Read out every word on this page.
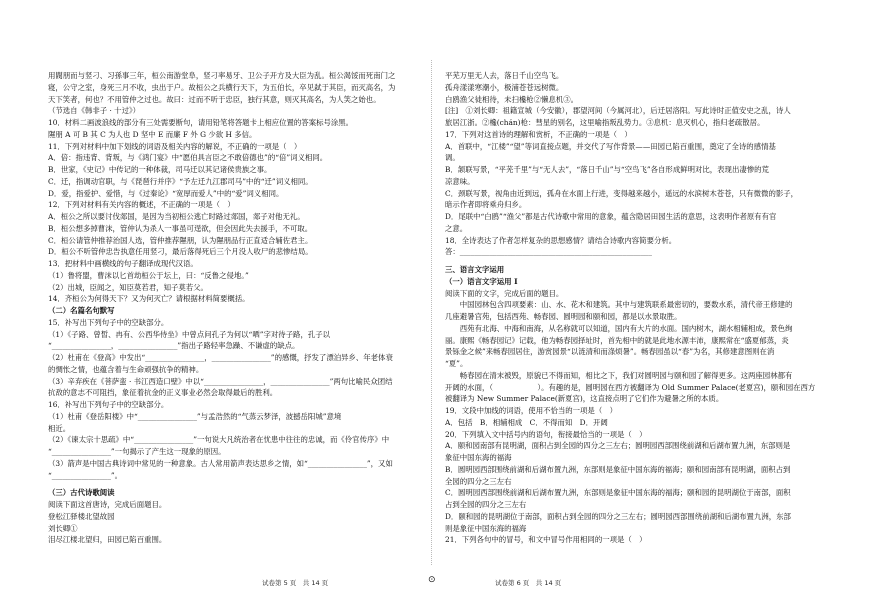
用閥朋而与竖刁、习孫事三年，桓公南游堂阜，竖刁率易牙、卫公子开方及大臣为乱。桓公渴馁而死南门之
寝，公守之室，身死三月不收，虫出于户。故桓公之兵横行天下，为五伯长，卒见弑于其臣，而灭高名，为
天下笑者，何也？不用管仲之过也。故曰：过而不听于忠臣，独行其意，则灭其高名，为人笑之始也。
（节选自《韩非子 · 十过》）
10．材料二画波浪线的部分有三处需要断句，请用铅笔将答题卡上相应位置的答案标号涂黑。
隰朋 A 可 B 其 C 为人也 D 坚中 E 而廉 F 外 G 少欲 H 多信。
11．下列对材料中加下划线的词语及相关内容的解说，不正确的一项是（　）
A．倍：指违背、背叛，与《鸿门宴》中“愿伯具言臣之不敢倍德也”的“倍”词义相同。
B．世家，《史记》中传记的一种体裁，司马迁以其记诸侯贵族之事。
C．迁，指调动官职，与《琵琶行并序》“予左迁九江郡司马”中的“迁”词义相同。
D．爱，指爱护、爱惜，与《过秦论》“宽厚而爱人”中的“爱”词义相同。
12．下列对材料有关内容的概述，不正确的一项是（　）
A．桓公之所以要讨伐郯国，是因为当初桓公逃亡时路过郯国，郯子对他无礼。
B．桓公想多掉曹沫，管仲认为杀人一事虽可逞欲，但会因此失去援手，不可取。
C．桓公请管仲推荐治国人选，管仲推荐隰朋，认为隰朋品行正直适合辅佐君主。
D．桓公不听管仲忠告执意任用竖刁，最后落得死后三个月没人收尸的悲惨结局。
13．把材料中画横线的句子翻译成现代汉语。
（1）鲁将盟，曹沫以匕首劫桓公于坛上，曰：“反鲁之侵地。”
（2）出城，臣闻之，知臣莫若君，知子莫若父。
14．齐桓公为何得天下？又为何灭亡？请根据材料简要概括。
（二）名篇名句默写
15．补写出下列句子中的空缺部分。
（1）《子路、曾皙、冉有、公西华侍坐》中曾点问孔子为何以“哂”字对待子路，孔子以
“________________，________________”指出子路轻率急躁、不谦虚的缺点。
（2）杜甫在《登高》中发出“________________，________________”的感慨，抒发了漂泊异乡、年老体衰
的惆怅之情，也蕴含着与生命顽强抗争的精神。
（3）辛弃疾在《菩萨蛮 · 书江西造口壁》中以“________________，________________”两句比喻民众团结
抗敌的意志不可阻挡，象征着抗金的正义事业必然会取得最后的胜利。
16．补写出下列句子中的空缺部分。
（1）杜甫《登岳阳楼》中“________________”与孟浩然的“气蒸云梦泽，波撼岳阳城”意境
相近。
（2）《谏太宗十思疏》中“________________”一句说大凡统治者在忧患中往往的忠诚，而《伶官传序》中
“________________”一句揭示了产生这一现象的原因。
（3）箭声是中国古典诗词中常见的一种意象。古人常用箭声表达思乡之情，如“________________”，又如
“________________”。
（三）古代诗歌阅读
阅读下面这首唐诗，完成后面题目。
登松江驿楼北望故园
刘长卿①
泪尽江楼北望归，田园已陷百重围。
平芜万里无人去，落日千山空鸟飞。
孤舟漾漾寒潮小，极浦苍苍远树微。
白鸥渔父徒相待，未扫欃枪②懒息机③。
[注]　①刘长卿：祖籍宣城（今安徽），郡望河间（今属河北），后迁居洛阳。写此诗时正值安史之乱，诗人
旅居江浙。②欃(chán)枪：彗星的别名，这里喻指叛乱势力。③息机：息灭机心，指归老疏散居。
17．下列对这首诗的理解和赏析，不正确的一项是（　）
A．首联中，“江楼”“望”等词直接点题，并交代了写作背景——田园已陷百重围，奠定了全诗的感情基
调。
B．颔联写景，“平芜千里”与“无人去”，“落日千山”与“空鸟飞”各自形成鲜明对比，表现出凄惨的荒
凉意味。
C．颈联写景，视角由近到远，孤舟在水面上行进，变得越来越小，遥远的水滨树木苍苍，只有微微的影子，
暗示作者即将乘舟归乡。
D．尾联中“白鸥”“渔父”都是古代诗歌中常用的意象，蕴含隐居田园生活的意思，这表明作者原有有官
之意。
18．全诗表达了作者怎样复杂的思想感情？请结合诗歌内容简要分析。
答：____________________________________________________
三、语言文字运用
（一）语言文字运用 Ⅰ
阅读下面的文字，完成后面的题目。
　　中国园林包含四项要素：山、水、花木和建筑。其中与建筑联系最密切的，要数水系，清代帝王修建的
几座避暑宫苑，包括西苑、畅春园、圆明园和颐和园，都是以水景取胜。
　　西苑有北海、中海和南海，从名称就可以知道，国内有大片的水面。国内树木，湖水相辅相成，景色绚
丽。康熙《畅春园记》记载，他为畅春园择址时，首先相中的就是此地水源丰沛，康熙常在“盛夏郁蒸，炎
景铄金之候”来畅春园居住，游赏园景“以涟清和而涤烦暑”。畅春园虽以“春”为名，其修建意图则在消
“夏”。
　　畅春园在清末被毁，原貌已不得而知，相比之下，我们对圆明园与颐和园了解得更多。这两座园林都有
开阔的水面，（　　　　　　）。有趣的是，圆明园在西方被翻译为 Old Summer Palace(老夏宫)，颐和园在西方
被翻译为 New Summer Palace(新夏宫)，这直接点明了它们作为避暑之所的本质。
19．文段中加线的词语，使用不恰当的一项是（　）
A．包括　B．相辅相成　C．不得而知　D．开阔
20．下列填入文中括号内的语句，衔接最恰当的一项是（　）
A．颐和园南部有昆明湖，面积占到全园的四分之三左右；圆明园西部围绕前湖和后湖布置九洲，东部则是
象征中国东海的福海
B．圆明园西部围绕前湖和后湖布置九洲，东部则是象征中国东海的福海；颐和园南部有昆明湖，面积占到
全园的四分之三左右
C．圆明园西部围绕前湖和后湖布置九洲，东部则是象征中国东海的福海；颐和园的昆明湖位于南部，面积
占到全园的四分之三左右
D．颐和园的昆明湖位于南部，面积占到全园的四分之三左右；圆明园西部围绕前湖和后湖布置九洲，东部
则是象征中国东海的福海
21．下列各句中的冒号，和文中冒号作用相同的一项是（　）
试卷第 5 页　共 14 页	⊙	试卷第 6 页　共 14 页
